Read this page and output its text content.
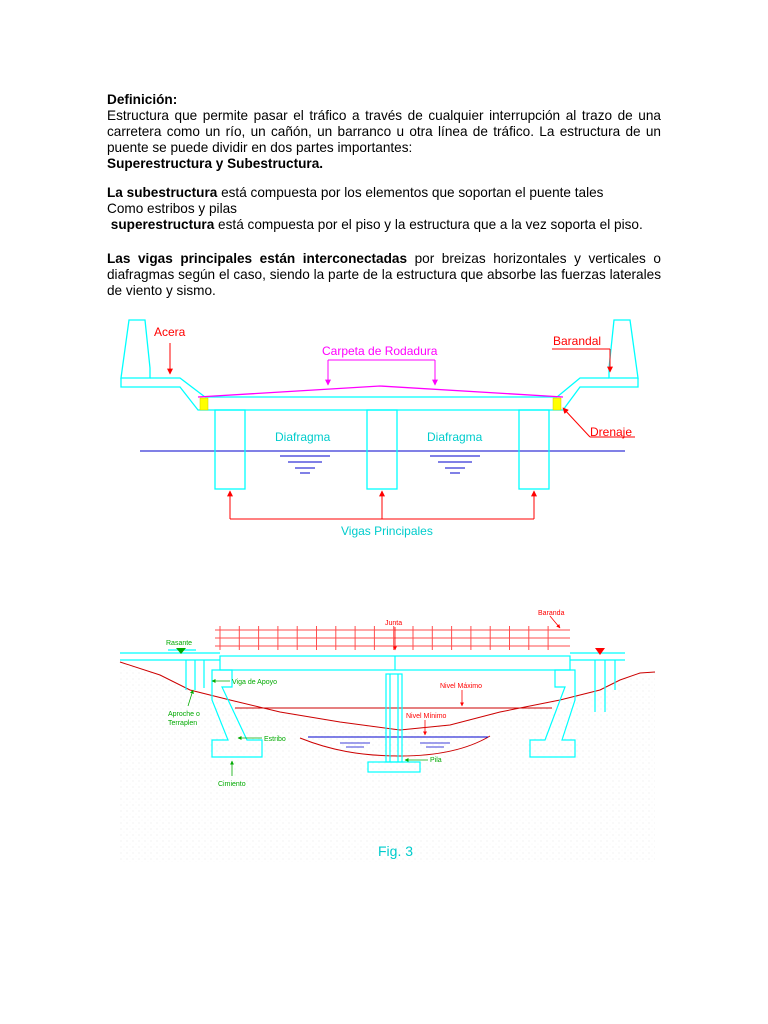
Definición:

Estructura que permite pasar el tráfico a través de cualquier interrupción al trazo de una carretera como un río, un cañón, un barranco u otra línea de tráfico. La estructura de un puente se puede dividir en dos partes importantes:

Superestructura y Subestructura.

La subestructura está compuesta por los elementos que soportan el puente tales

Como estribos y pilas

superestructura está compuesta por el piso y la estructura que a la vez soporta el piso.

Las vigas principales están interconectadas por breizas horizontales y verticales o diafragmas según el caso, siendo la parte de la estructura que absorbe las fuerzas laterales de viento y sismo.

Acera
Carpeta de Rodadura
Barandal
Diafragma	Diafragma	Drenaje
Vigas Principales
Junta
Baranda
Rasante
Viga de Apoyo
Nivel Máximo
Nivel Mínimo
Aproche o
Terraplen
Estribo
Pila
Cimiento
Fig. 3
